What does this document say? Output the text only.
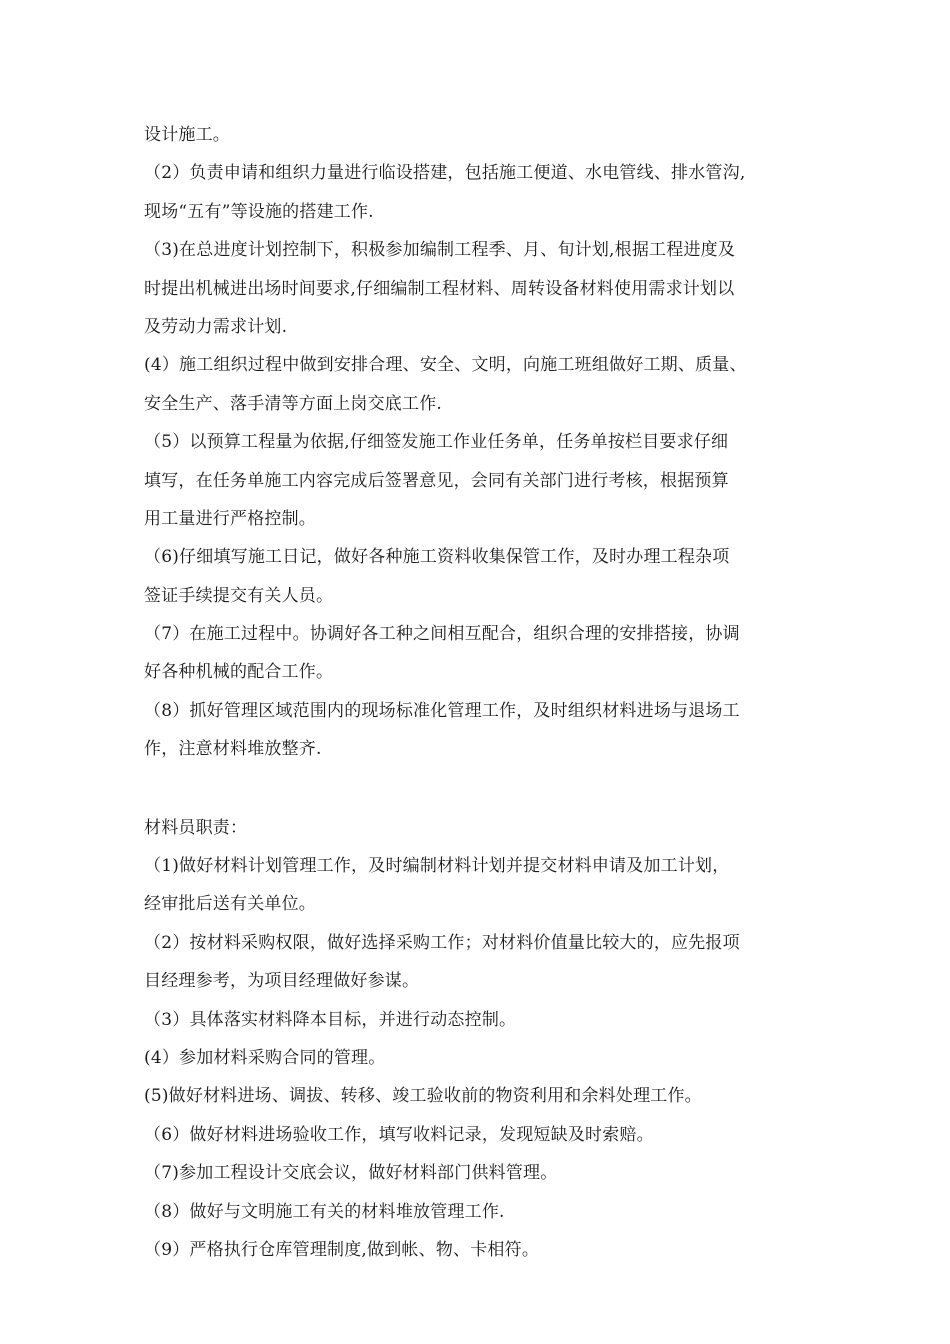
设计施工。
（2）负责申请和组织力量进行临设搭建，包括施工便道、水电管线、排水管沟,
现场“五有”等设施的搭建工作.
（3)在总进度计划控制下，积极参加编制工程季、月、旬计划,根据工程进度及
时提出机械进出场时间要求,仔细编制工程材料、周转设备材料使用需求计划以
及劳动力需求计划.
(4）施工组织过程中做到安排合理、安全、文明，向施工班组做好工期、质量、
安全生产、落手清等方面上岗交底工作.
（5）以预算工程量为依据,仔细签发施工作业任务单，任务单按栏目要求仔细
填写，在任务单施工内容完成后签署意见，会同有关部门进行考核，根据预算
用工量进行严格控制。
（6)仔细填写施工日记，做好各种施工资料收集保管工作，及时办理工程杂项
签证手续提交有关人员。
（7）在施工过程中。协调好各工种之间相互配合，组织合理的安排搭接，协调
好各种机械的配合工作。
（8）抓好管理区域范围内的现场标准化管理工作，及时组织材料进场与退场工
作，注意材料堆放整齐.
材料员职责：
（1)做好材料计划管理工作，及时编制材料计划并提交材料申请及加工计划，
经审批后送有关单位。
（2）按材料采购权限，做好选择采购工作；对材料价值量比较大的，应先报项
目经理参考，为项目经理做好参谋。
（3）具体落实材料降本目标，并进行动态控制。
(4）参加材料采购合同的管理。
(5)做好材料进场、调拔、转移、竣工验收前的物资利用和余料处理工作。
（6）做好材料进场验收工作，填写收料记录，发现短缺及时索赔。
（7)参加工程设计交底会议，做好材料部门供料管理。
（8）做好与文明施工有关的材料堆放管理工作.
（9）严格执行仓库管理制度,做到帐、物、卡相符。
